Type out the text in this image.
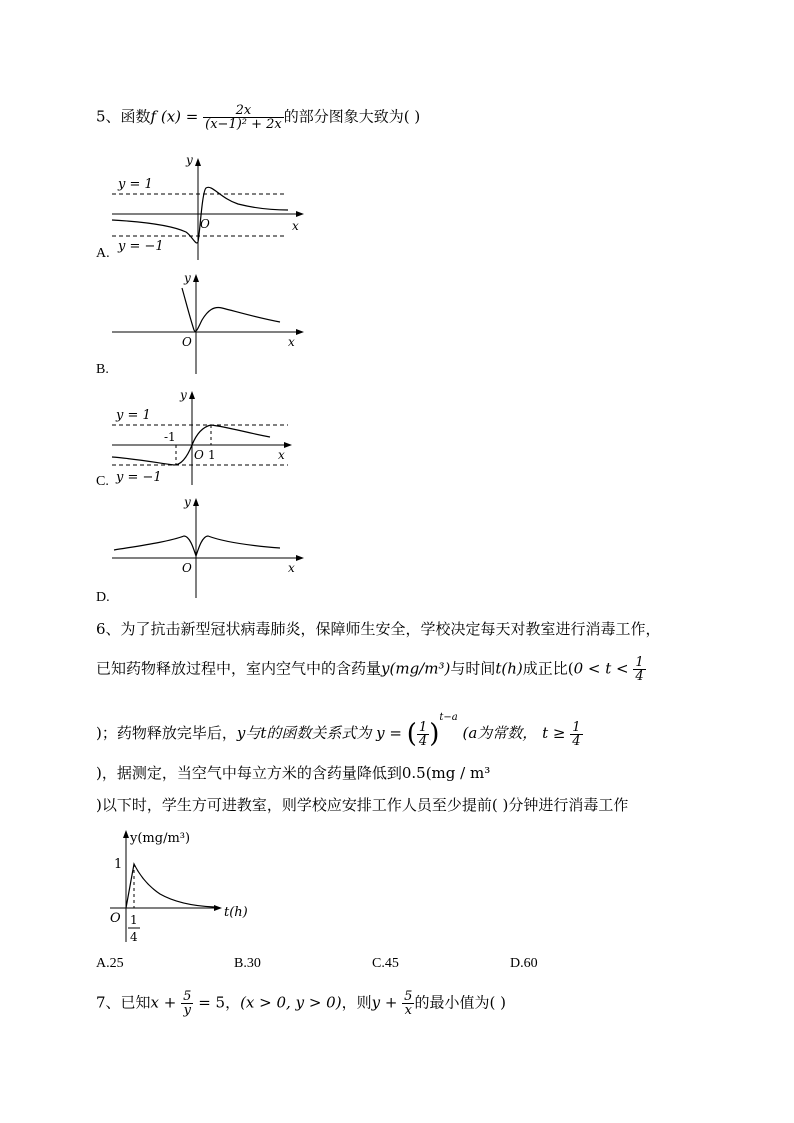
5、函数f $(x) = \frac{2x}{\text{(x−1)² + 2x}}$ 的部分图象大致为( )
y = 1
y = −1
y
x
O
A.
y
x
O
B.
y = 1
y = −1
-1
1
y
x
O
C.
y
x
O
D.
6、为了抗击新型冠状病毒肺炎，保障师生安全，学校决定每天对教室进行消毒工作，
已知药物释放过程中，室内空气中的含药量y(mg/m³)与时间t(h)成正比($0 < t < \frac{1}{4}$
)；药物释放完毕后，y与t的函数关系式为 y = ( $\frac{1}{4} )^{t-a}$ (a为常数， $t \ge \frac{1}{4}$
)，据测定，当空气中每立方米的含药量降低到0.5(mg / m³
)以下时，学生方可进教室，则学校应安排工作人员至少提前( )分钟进行消毒工作
y(mg/m³)
1
O	t(h)
1
4
A.25	B.30	C.45	D.60
7、已知$x + \frac{5}{y} = 5$，(x > 0, y > 0)，则$y + \frac{5}{x}$ 的最小值为( )
